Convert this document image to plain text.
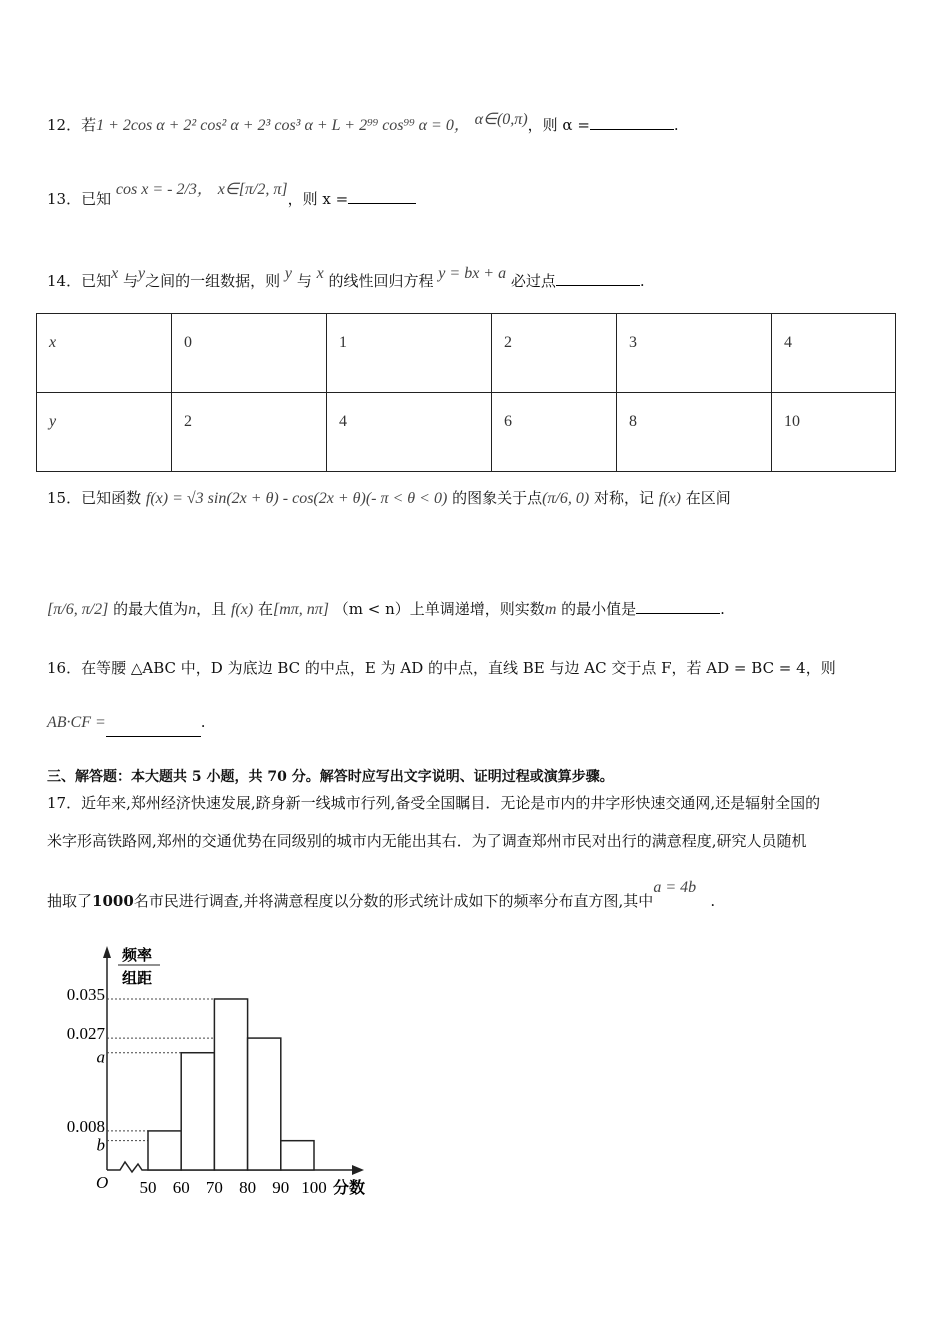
12．若1 + 2cos α + 2² cos² α + 2³ cos³ α + L + 2⁹⁹ cos⁹⁹ α = 0， α∈(0,π)，则 α =	.
13．已知 cos x = - 2/3， x∈[π/2, π]，则 x =
14．已知x 与y之间的一组数据，则 y 与 x 的线性回归方程 y = bx + a 必过点	.
x	0	1	2	3	4
y	2	4	6	8	10
15．已知函数 f(x) = √3 sin(2x + θ) - cos(2x + θ)(- π < θ < 0) 的图象关于点(π/6, 0) 对称，记 f(x) 在区间
[π/6, π/2] 的最大值为n，且 f(x) 在[mπ, nπ] （m < n）上单调递增，则实数m 的最小值是	.
16．在等腰 △ABC 中，D 为底边 BC 的中点，E 为 AD 的中点，直线 BE 与边 AC 交于点 F，若 AD = BC = 4，则
AB·CF =	.
三、解答题：本大题共 5 小题，共 70 分。解答时应写出文字说明、证明过程或演算步骤。
17．近年来,郑州经济快速发展,跻身新一线城市行列,备受全国瞩目．无论是市内的井字形快速交通网,还是辐射全国的
米字形高铁路网,郑州的交通优势在同级别的城市内无能出其右．为了调查郑州市民对出行的满意程度,研究人员随机
抽取了1000名市民进行调查,并将满意程度以分数的形式统计成如下的频率分布直方图,其中a = 4b   .
频率
组距
O	分数
0.035
0.027
a
0.008
b
50 60 70 80 90 100
